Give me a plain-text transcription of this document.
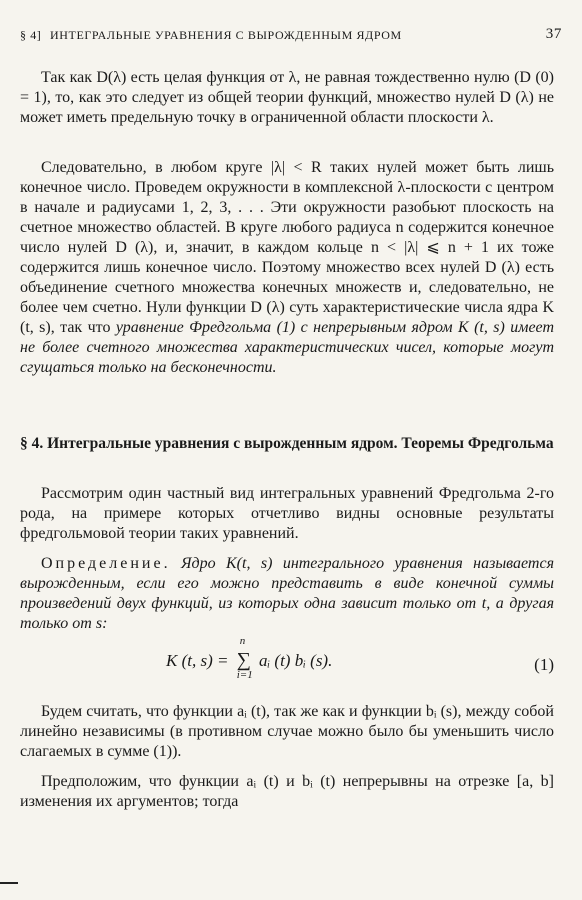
§ 4] ИНТЕГРАЛЬНЫЕ УРАВНЕНИЯ С ВЫРОЖДЕННЫМ ЯДРОМ	37

Так как D(λ) есть целая функция от λ, не равная тождественно нулю (D (0) = 1), то, как это следует из общей теории функций, множество нулей D (λ) не может иметь предельную точку в ограниченной области плоскости λ.

Следовательно, в любом круге |λ| < R таких нулей может быть лишь конечное число. Проведем окружности в комплексной λ-плоскости с центром в начале и радиусами 1, 2, 3, . . . Эти окружности разобьют плоскость на счетное множество областей. В круге любого радиуса n содержится конечное число нулей D (λ), и, значит, в каждом кольце n < |λ| ⩽ n + 1 их тоже содержится лишь конечное число. Поэтому множество всех нулей D (λ) есть объединение счетного множества конечных множеств и, следовательно, не более чем счетно. Нули функции D (λ) суть характеристические числа ядра K (t, s), так что уравнение Фредгольма (1) с непрерывным ядром K (t, s) имеет не более счетного множества характеристических чисел, которые могут сгущаться только на бесконечности.

§ 4. Интегральные уравнения с вырожденным ядром. Теоремы Фредгольма

Рассмотрим один частный вид интегральных уравнений Фредгольма 2-го рода, на примере которых отчетливо видны основные результаты фредгольмовой теории таких уравнений.

Определение. Ядро K(t, s) интегрального уравнения называется вырожденным, если его можно представить в виде конечной суммы произведений двух функций, из которых одна зависит только от t, а другая только от s:

K (t, s) = ∑
n
i=1
aᵢ (t) bᵢ (s).	(1)

Будем считать, что функции aᵢ (t), так же как и функции bᵢ (s), между собой линейно независимы (в противном случае можно было бы уменьшить число слагаемых в сумме (1)).

Предположим, что функции aᵢ (t) и bᵢ (t) непрерывны на отрезке [a, b] изменения их аргументов; тогда
